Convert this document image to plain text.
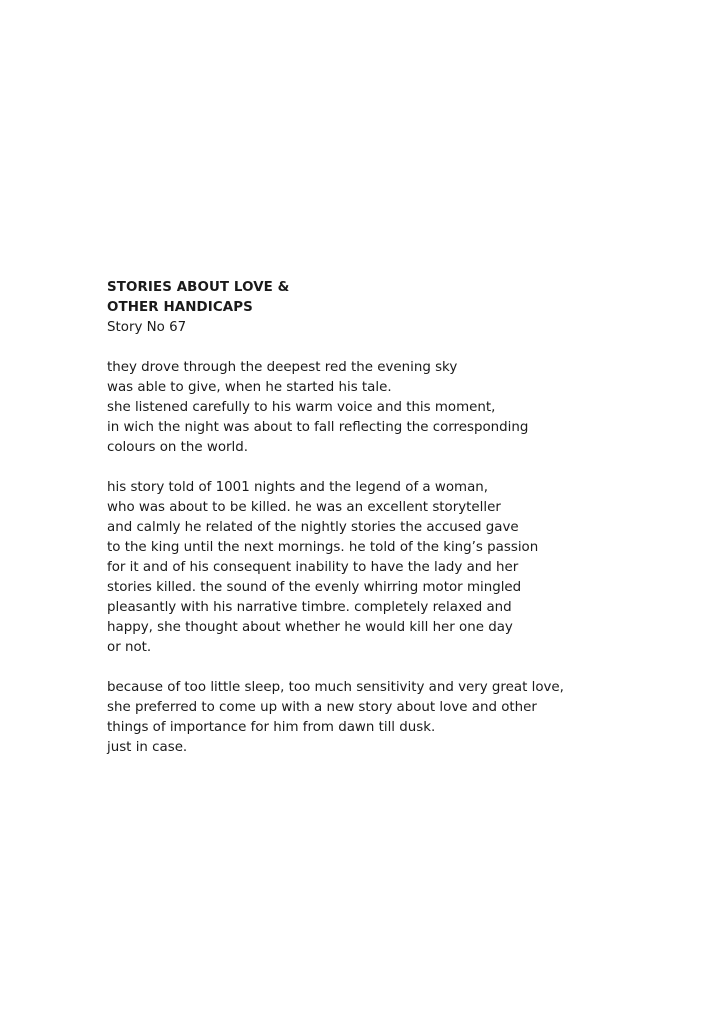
STORIES ABOUT LOVE &
OTHER HANDICAPS
Story No 67
they drove through the deepest red the evening sky
was able to give, when he started his tale.
she listened carefully to his warm voice and this moment,
in wich the night was about to fall reflecting the corresponding
colours on the world.
his story told of 1001 nights and the legend of a woman,
who was about to be killed. he was an excellent storyteller
and calmly he related of the nightly stories the accused gave
to the king until the next mornings. he told of the king’s passion
for it and of his consequent inability to have the lady and her
stories killed. the sound of the evenly whirring motor mingled
pleasantly with his narrative timbre. completely relaxed and
happy, she thought about whether he would kill her one day
or not.
because of too little sleep, too much sensitivity and very great love,
she preferred to come up with a new story about love and other
things of importance for him from dawn till dusk.
just in case.
